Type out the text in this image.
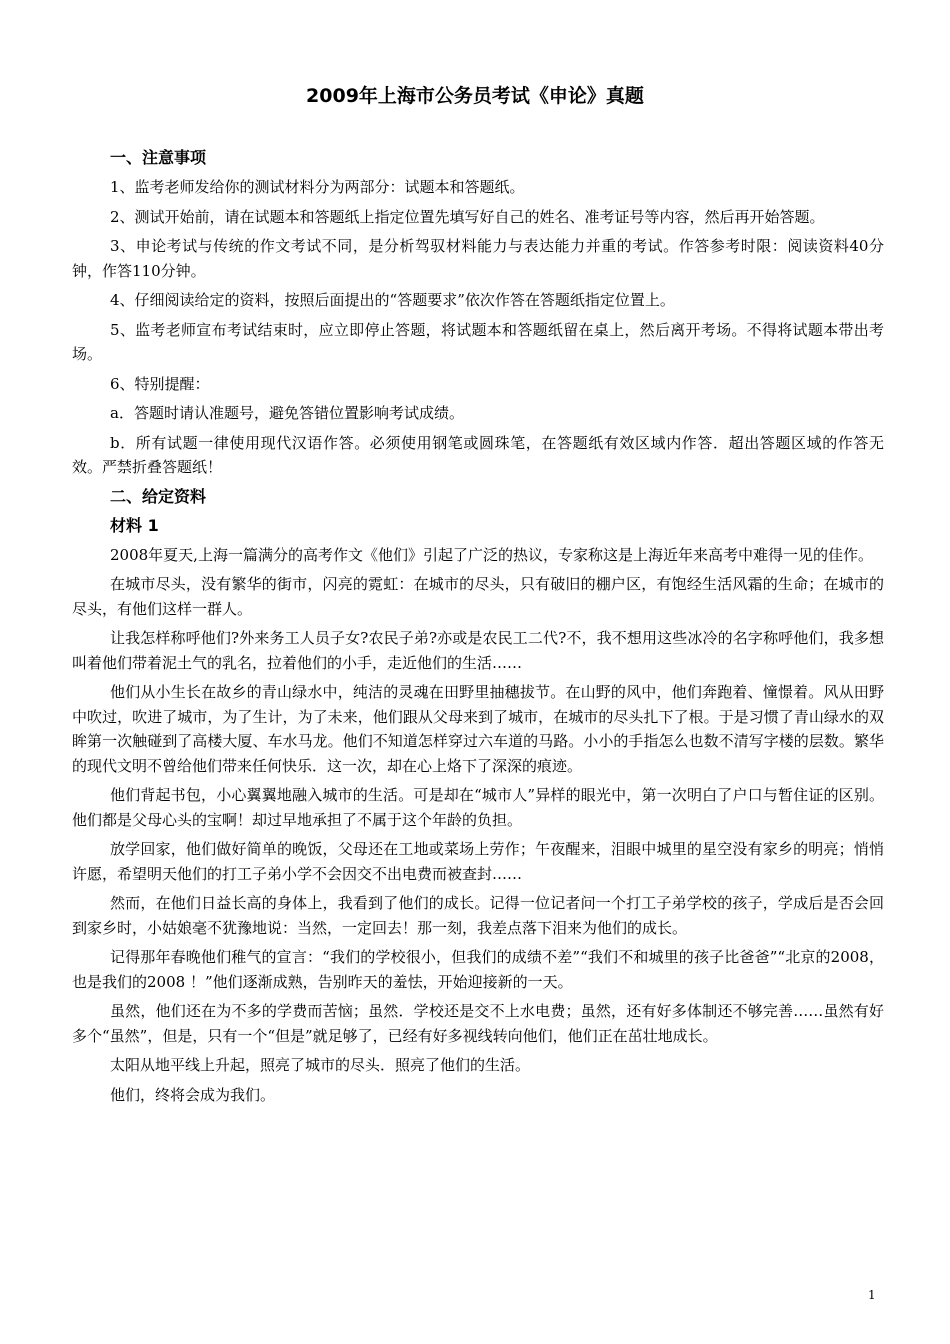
2009年上海市公务员考试《申论》真题
一、注意事项

1、监考老师发给你的测试材料分为两部分：试题本和答题纸。

2、测试开始前，请在试题本和答题纸上指定位置先填写好自己的姓名、准考证号等内容，然后再开始答题。

3、申论考试与传统的作文考试不同，是分析驾驭材料能力与表达能力并重的考试。作答参考时限：阅读资料40分钟，作答110分钟。

4、仔细阅读给定的资料，按照后面提出的“答题要求”依次作答在答题纸指定位置上。

5、监考老师宣布考试结束时，应立即停止答题，将试题本和答题纸留在桌上，然后离开考场。不得将试题本带出考场。

6、特别提醒：

a．答题时请认准题号，避免答错位置影响考试成绩。

b．所有试题一律使用现代汉语作答。必须使用钢笔或圆珠笔，在答题纸有效区域内作答．超出答题区域的作答无效。严禁折叠答题纸！

二、给定资料
材料 1

2008年夏天,上海一篇满分的高考作文《他们》引起了广泛的热议，专家称这是上海近年来高考中难得一见的佳作。

在城市尽头，没有繁华的街市，闪亮的霓虹：在城市的尽头，只有破旧的棚户区，有饱经生活风霜的生命；在城市的尽头，有他们这样一群人。

让我怎样称呼他们?外来务工人员子女?农民子弟?亦或是农民工二代?不，我不想用这些冰冷的名字称呼他们，我多想叫着他们带着泥土气的乳名，拉着他们的小手，走近他们的生活……

他们从小生长在故乡的青山绿水中，纯洁的灵魂在田野里抽穗拔节。在山野的风中，他们奔跑着、憧憬着。风从田野中吹过，吹进了城市，为了生计，为了未来，他们跟从父母来到了城市，在城市的尽头扎下了根。于是习惯了青山绿水的双眸第一次触碰到了高楼大厦、车水马龙。他们不知道怎样穿过六车道的马路。小小的手指怎么也数不清写字楼的层数。繁华的现代文明不曾给他们带来任何快乐．这一次，却在心上烙下了深深的痕迹。

他们背起书包，小心翼翼地融入城市的生活。可是却在“城市人”异样的眼光中，第一次明白了户口与暂住证的区别。他们都是父母心头的宝啊！却过早地承担了不属于这个年龄的负担。

放学回家，他们做好简单的晚饭，父母还在工地或菜场上劳作；午夜醒来，泪眼中城里的星空没有家乡的明亮；悄悄许愿，希望明天他们的打工子弟小学不会因交不出电费而被查封……

然而，在他们日益长高的身体上，我看到了他们的成长。记得一位记者问一个打工子弟学校的孩子，学成后是否会回到家乡时，小姑娘毫不犹豫地说：当然，一定回去！那一刻，我差点落下泪来为他们的成长。

记得那年春晚他们稚气的宣言：“我们的学校很小，但我们的成绩不差”“我们不和城里的孩子比爸爸”“北京的2008，也是我们的2008 ！”他们逐渐成熟，告别昨天的羞怯，开始迎接新的一天。

虽然，他们还在为不多的学费而苦恼；虽然．学校还是交不上水电费；虽然，还有好多体制还不够完善……虽然有好多个“虽然”，但是，只有一个“但是”就足够了，已经有好多视线转向他们，他们正在茁壮地成长。

太阳从地平线上升起，照亮了城市的尽头．照亮了他们的生活。

他们，终将会成为我们。

1
